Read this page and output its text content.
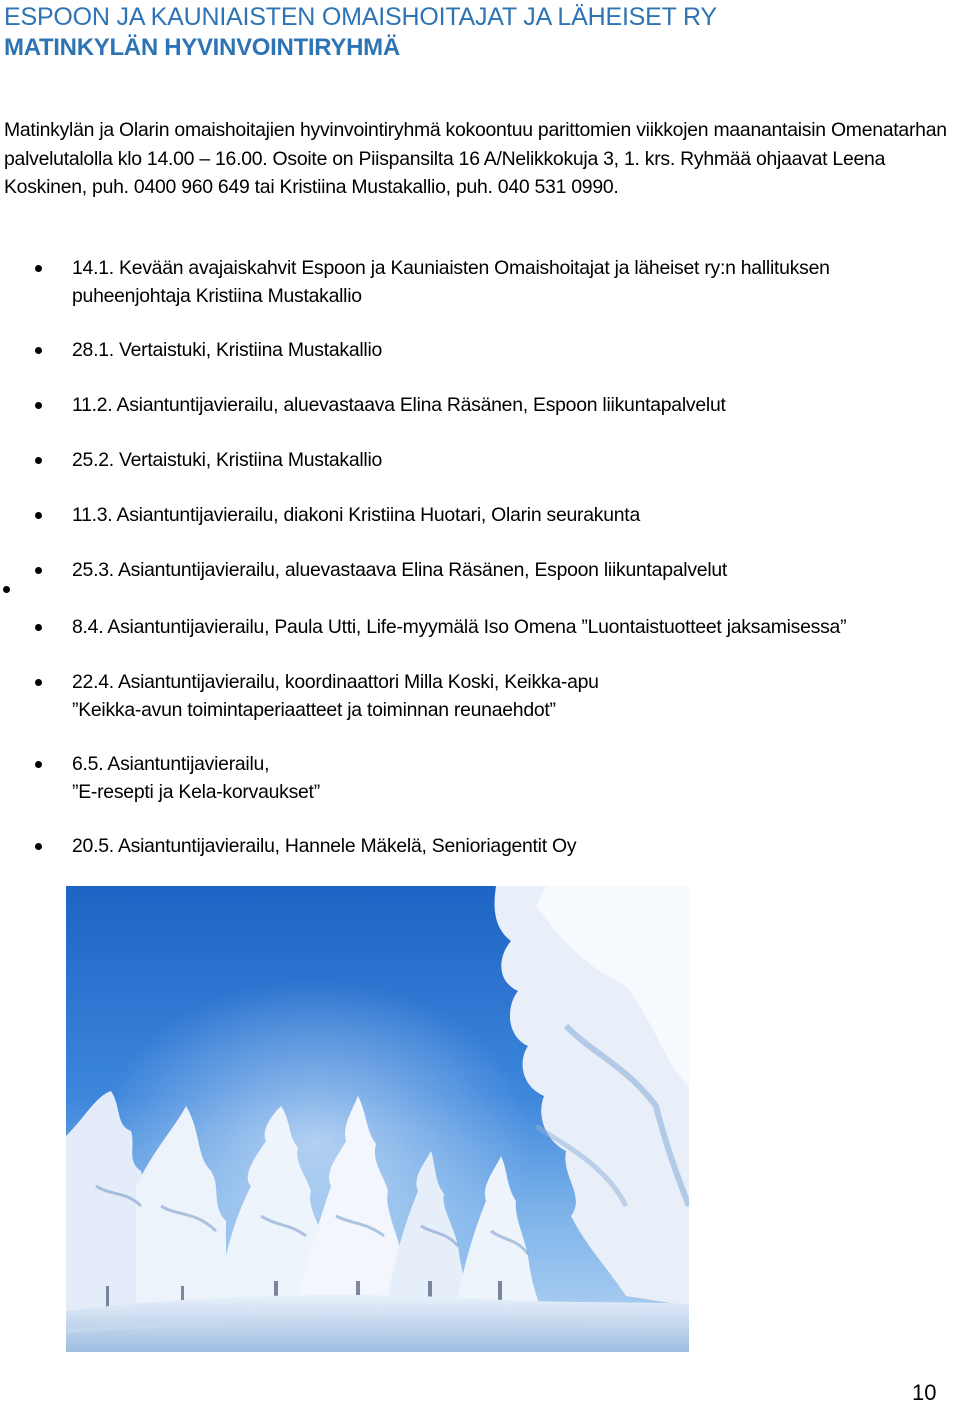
ESPOON JA KAUNIAISTEN OMAISHOITAJAT JA LÄHEISET RY
MATINKYLÄN HYVINVOINTIRYHMÄ
Matinkylän ja Olarin omaishoitajien hyvinvointiryhmä kokoontuu parittomien viikkojen maanantaisin Omenatarhan
palvelutalolla klo 14.00 – 16.00. Osoite on Piispansilta 16 A/Nelikkokuja 3, 1. krs. Ryhmää ohjaavat Leena
Koskinen, puh. 0400 960 649 tai Kristiina Mustakallio, puh. 040 531 0990.
14.1. Kevään avajaiskahvit Espoon ja Kauniaisten Omaishoitajat ja läheiset ry:n hallituksen
puheenjohtaja Kristiina Mustakallio
28.1. Vertaistuki, Kristiina Mustakallio
11.2. Asiantuntijavierailu, aluevastaava Elina Räsänen, Espoon liikuntapalvelut
25.2. Vertaistuki, Kristiina Mustakallio
11.3. Asiantuntijavierailu, diakoni Kristiina Huotari, Olarin seurakunta
25.3. Asiantuntijavierailu, aluevastaava Elina Räsänen, Espoon liikuntapalvelut
8.4. Asiantuntijavierailu, Paula Utti, Life-myymälä Iso Omena ”Luontaistuotteet jaksamisessa”
22.4. Asiantuntijavierailu, koordinaattori Milla Koski, Keikka-apu
”Keikka-avun toimintaperiaatteet ja toiminnan reunaehdot”
6.5. Asiantuntijavierailu,
”E-resepti ja Kela-korvaukset”
20.5. Asiantuntijavierailu, Hannele Mäkelä, Senioriagentit Oy
10
